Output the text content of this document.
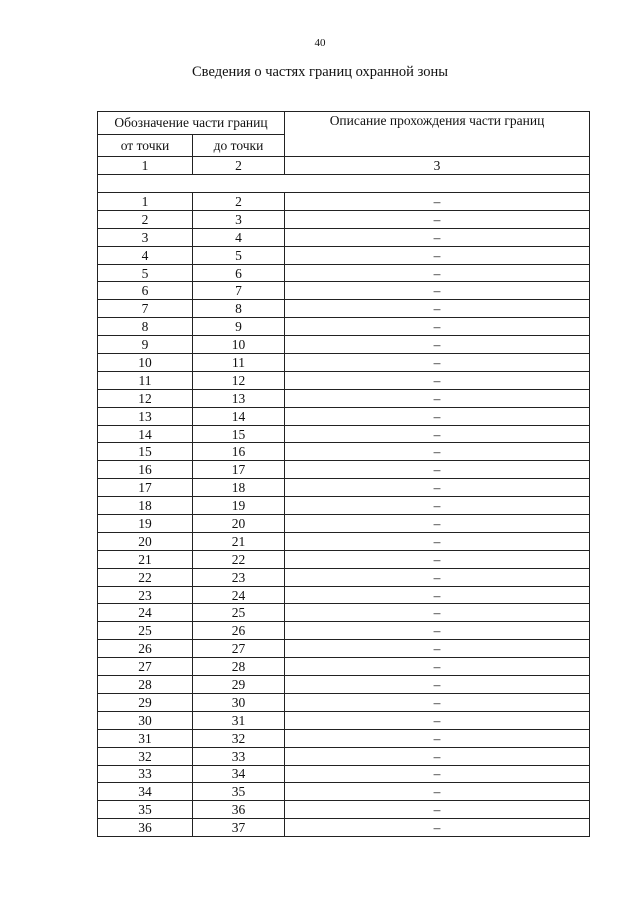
40
Сведения о частях границ охранной зоны
Обозначение части границ		Описание прохождения части границ
от точки	до точки	
1	2	3

1	2	–
2	3	–
3	4	–
4	5	–
5	6	–
6	7	–
7	8	–
8	9	–
9	10	–
10	11	–
11	12	–
12	13	–
13	14	–
14	15	–
15	16	–
16	17	–
17	18	–
18	19	–
19	20	–
20	21	–
21	22	–
22	23	–
23	24	–
24	25	–
25	26	–
26	27	–
27	28	–
28	29	–
29	30	–
30	31	–
31	32	–
32	33	–
33	34	–
34	35	–
35	36	–
36	37	–
